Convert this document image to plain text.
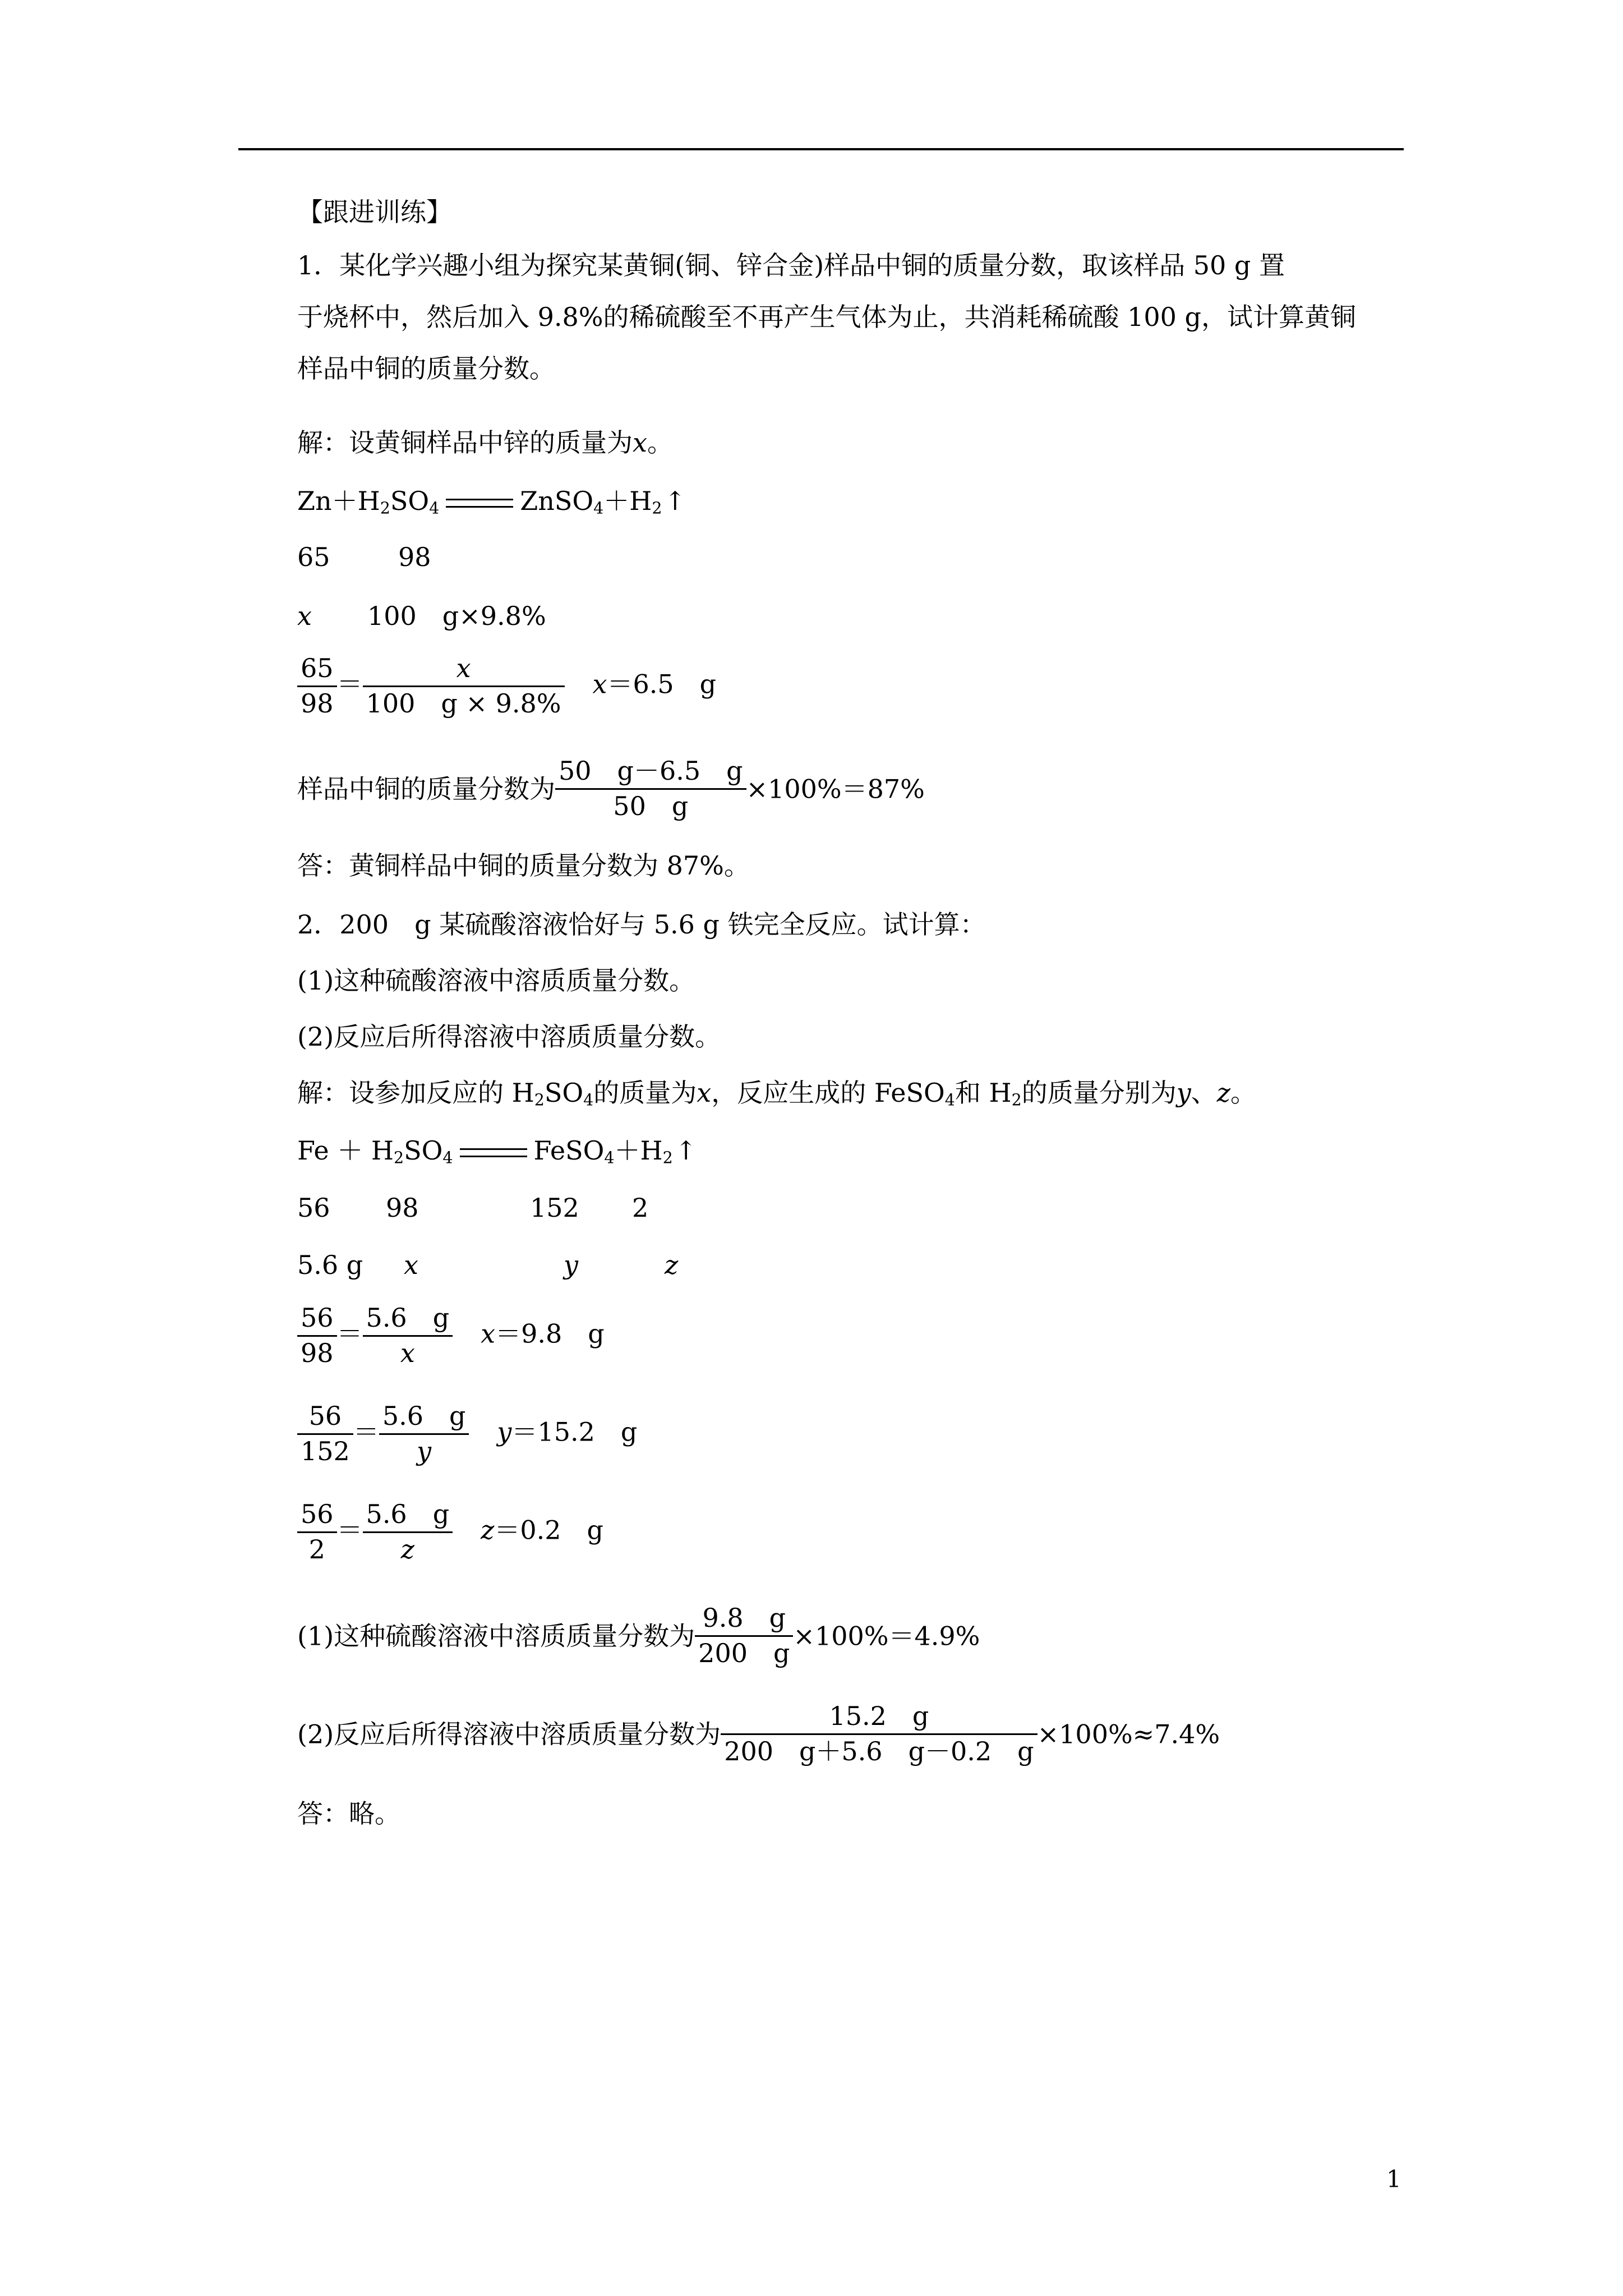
【跟进训练】
1．某化学兴趣小组为探究某黄铜(铜、锌合金)样品中铜的质量分数，取该样品 50 g 置
于烧杯中，然后加入 9.8%的稀硫酸至不再产生气体为止，共消耗稀硫酸 100 g，试计算黄铜
样品中铜的质量分数。
解：设黄铜样品中锌的质量为x。
$Zn+H_2SO_4$	$ZnSO_4+H_2↑$
65	98
x 100　g×9.8%
$\frac{65}{98} = \frac{x}{100 g \times 9.8\%} x=6.5$　g
样品中铜的质量分数为 $\frac{50 g-6.5 g}{50 g} \times 100\%=87\%$
答：黄铜样品中铜的质量分数为 87%。
2．200　g 某硫酸溶液恰好与 5.6 g 铁完全反应。试计算：
(1)这种硫酸溶液中溶质质量分数。
(2)反应后所得溶液中溶质质量分数。
解：设参加反应的 $H_2SO_4$的质量为x，反应生成的 FeSO$_4$和 $H_2$的质量分别为y、z。
$Fe + H_2SO_4$	$FeSO_4+H_2↑$
56 98	152 2
5.6 g x	y	z
$\frac{56}{98} = \frac{5.6 g}{x} x=9.8$　g
$\frac{56}{152} = \frac{5.6 g}{y} y=15.2$　g
$\frac{56}{2} = \frac{5.6 g}{z} z=0.2$　g
(1)这种硫酸溶液中溶质质量分数为 $\frac{9.8 g}{200 g} \times 100\%=4.9\%$
(2)反应后所得溶液中溶质质量分数为 $\frac{15.2 g}{200 g+5.6 g-0.2 g} \times 100\%\approx 7.4\%$
答：略。
1
